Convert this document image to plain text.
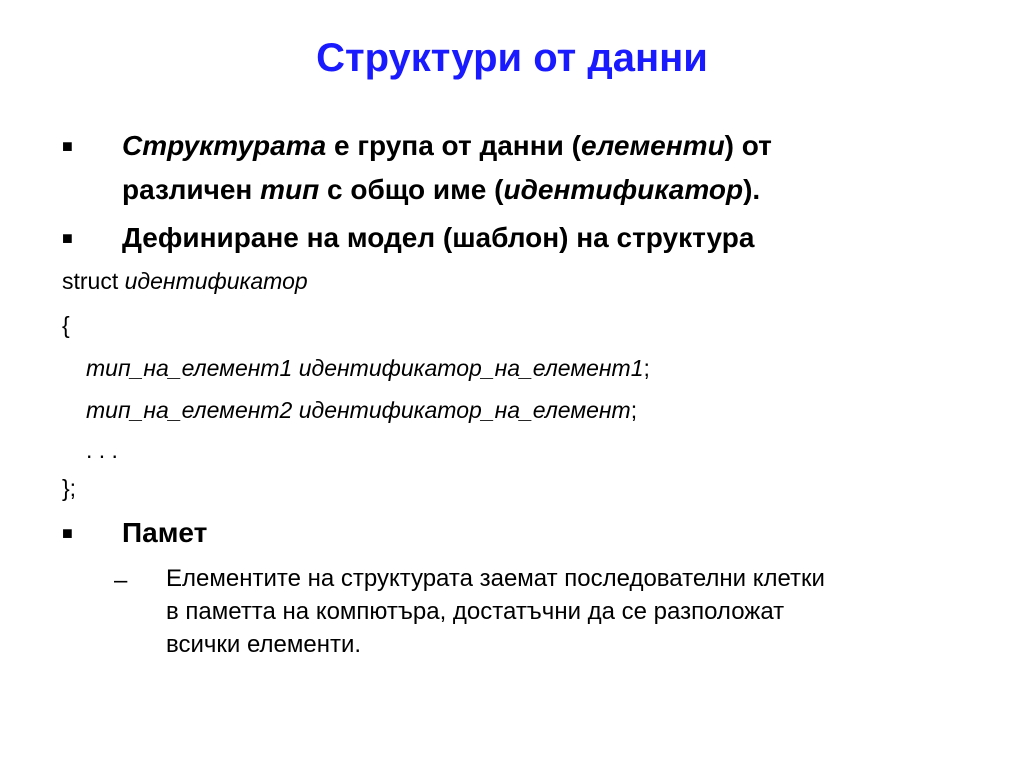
Структури от данни
■ Структурата е група от данни (елементи) от
различен тип с общо име (идентификатор).
■ Дефиниране на модел (шаблон) на структура
struct идентификатор
{
тип_на_елемент1 идентификатор_на_елемент1;
тип_на_елемент2 идентификатор_на_елемент;
. . .
};
■ Памет
– Елементите на структурата заемат последователни клетки
в паметта на компютъра, достатъчни да се разположат
всички елементи.
